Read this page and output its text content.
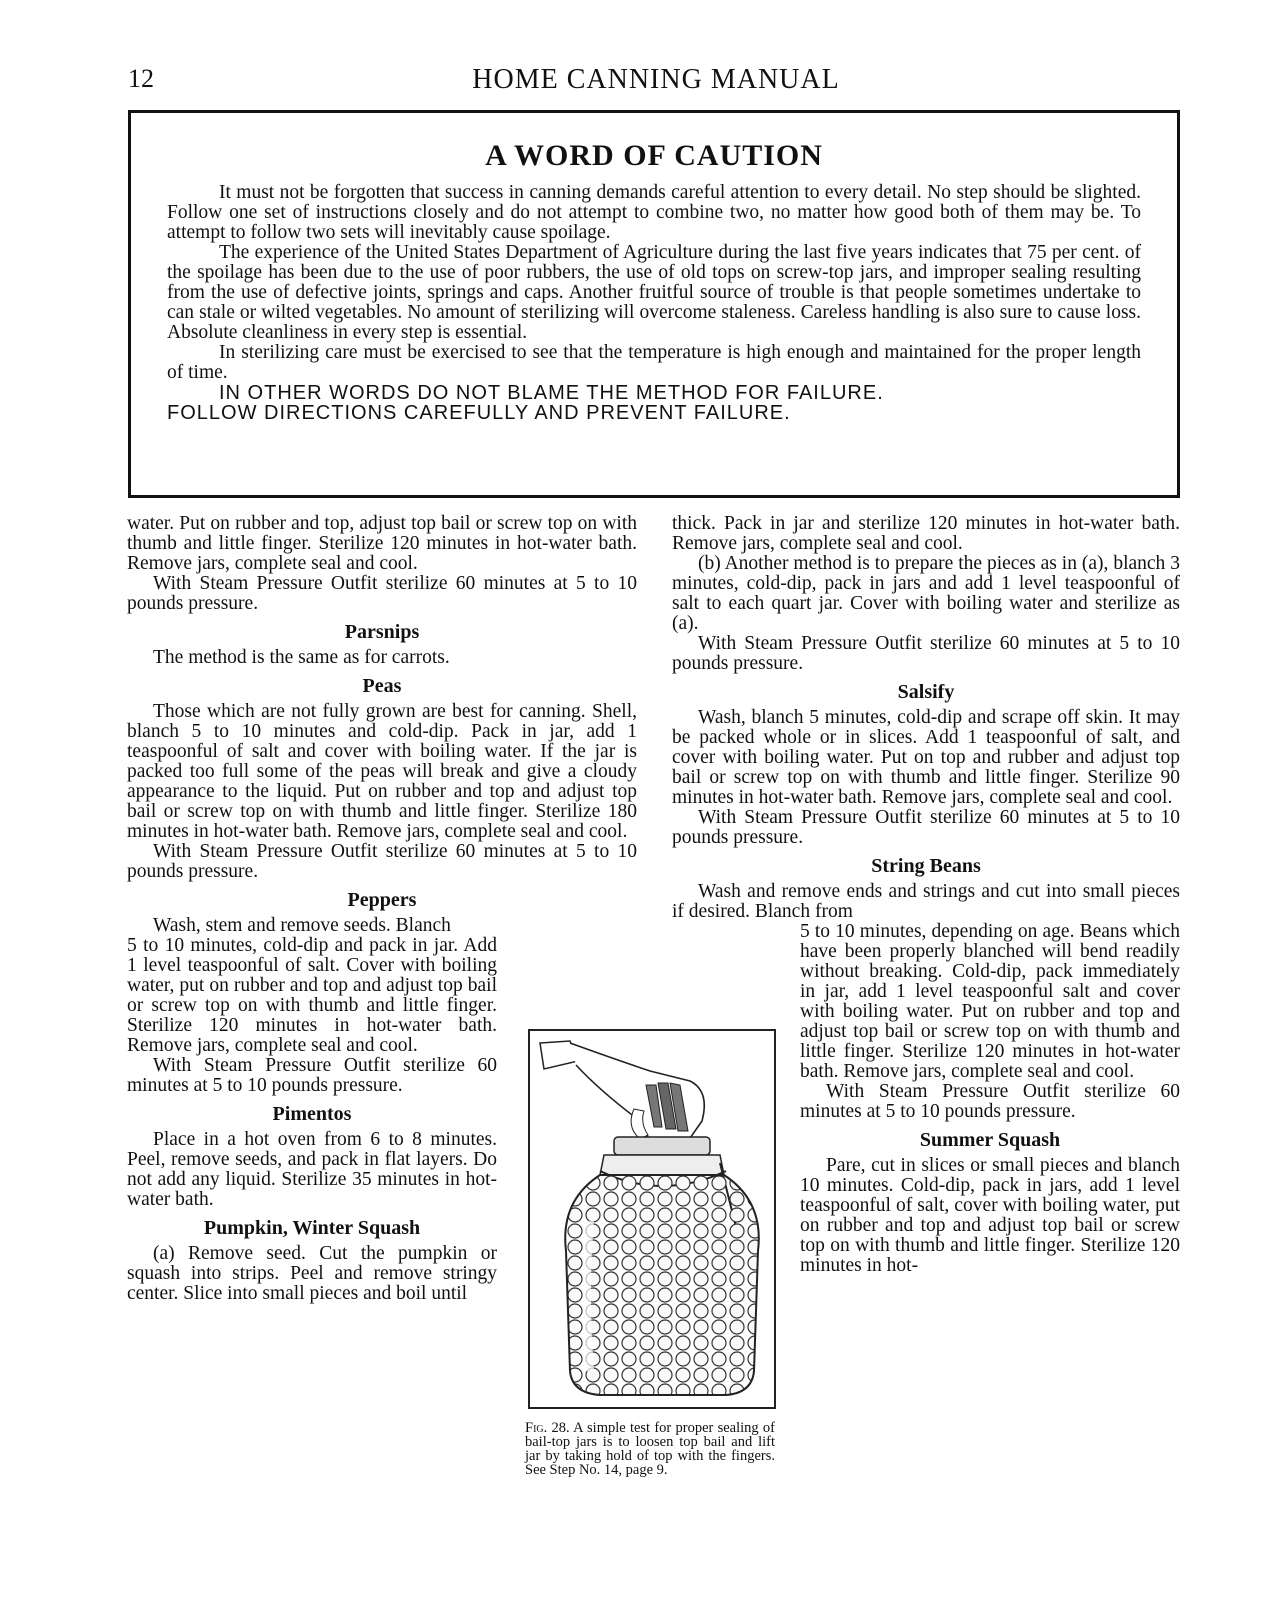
12	HOME CANNING MANUAL
A WORD OF CAUTION

It must not be forgotten that success in canning demands careful attention to every detail. No step should be slighted. Follow one set of instructions closely and do not attempt to combine two, no matter how good both of them may be. To attempt to follow two sets will inevitably cause spoilage.

The experience of the United States Department of Agriculture during the last five years indicates that 75 per cent. of the spoilage has been due to the use of poor rubbers, the use of old tops on screw-top jars, and improper sealing resulting from the use of defective joints, springs and caps. Another fruitful source of trouble is that people sometimes undertake to can stale or wilted vegetables. No amount of sterilizing will overcome staleness. Careless handling is also sure to cause loss. Absolute cleanliness in every step is essential.

In sterilizing care must be exercised to see that the temperature is high enough and maintained for the proper length of time.

IN OTHER WORDS DO NOT BLAME THE METHOD FOR FAILURE.

FOLLOW DIRECTIONS CAREFULLY AND PREVENT FAILURE.

water. Put on rubber and top, adjust top bail or screw top on with thumb and little finger. Sterilize 120 minutes in hot-water bath. Remove jars, complete seal and cool.

With Steam Pressure Outfit sterilize 60 minutes at 5 to 10 pounds pressure.

Parsnips

The method is the same as for carrots.

Peas

Those which are not fully grown are best for canning. Shell, blanch 5 to 10 minutes and cold-dip. Pack in jar, add 1 teaspoonful of salt and cover with boiling water. If the jar is packed too full some of the peas will break and give a cloudy appearance to the liquid. Put on rubber and top and adjust top bail or screw top on with thumb and little finger. Sterilize 180 minutes in hot-water bath. Remove jars, complete seal and cool.

With Steam Pressure Outfit sterilize 60 minutes at 5 to 10 pounds pressure.

Peppers

Wash, stem and remove seeds. Blanch

5 to 10 minutes, cold-dip and pack in jar. Add 1 level teaspoonful of salt. Cover with boiling water, put on rubber and top and adjust top bail or screw top on with thumb and little finger. Sterilize 120 minutes in hot-water bath. Remove jars, complete seal and cool.

With Steam Pressure Outfit sterilize 60 minutes at 5 to 10 pounds pressure.

Pimentos

Place in a hot oven from 6 to 8 minutes. Peel, remove seeds, and pack in flat layers. Do not add any liquid. Sterilize 35 minutes in hot-water bath.

Pumpkin, Winter Squash

(a) Remove seed. Cut the pumpkin or squash into strips. Peel and remove stringy center. Slice into small pieces and boil until

thick. Pack in jar and sterilize 120 minutes in hot-water bath. Remove jars, complete seal and cool.

(b) Another method is to prepare the pieces as in (a), blanch 3 minutes, cold-dip, pack in jars and add 1 level teaspoonful of salt to each quart jar. Cover with boiling water and sterilize as (a).

With Steam Pressure Outfit sterilize 60 minutes at 5 to 10 pounds pressure.

Salsify

Wash, blanch 5 minutes, cold-dip and scrape off skin. It may be packed whole or in slices. Add 1 teaspoonful of salt, and cover with boiling water. Put on top and rubber and adjust top bail or screw top on with thumb and little finger. Sterilize 90 minutes in hot-water bath. Remove jars, complete seal and cool.

With Steam Pressure Outfit sterilize 60 minutes at 5 to 10 pounds pressure.

String Beans

Wash and remove ends and strings and cut into small pieces if desired. Blanch from

5 to 10 minutes, depending on age. Beans which have been properly blanched will bend readily without breaking. Cold-dip, pack immediately in jar, add 1 level teaspoonful salt and cover with boiling water. Put on rubber and top and adjust top bail or screw top on with thumb and little finger. Sterilize 120 minutes in hot-water bath. Remove jars, complete seal and cool.

With Steam Pressure Outfit sterilize 60 minutes at 5 to 10 pounds pressure.

Summer Squash

Pare, cut in slices or small pieces and blanch 10 minutes. Cold-dip, pack in jars, add 1 level teaspoonful of salt, cover with boiling water, put on rubber and top and adjust top bail or screw top on with thumb and little finger. Sterilize 120 minutes in hot-

Fig. 28. A simple test for proper sealing of bail-top jars is to loosen top bail and lift jar by taking hold of top with the fingers. See Step No. 14, page 9.
